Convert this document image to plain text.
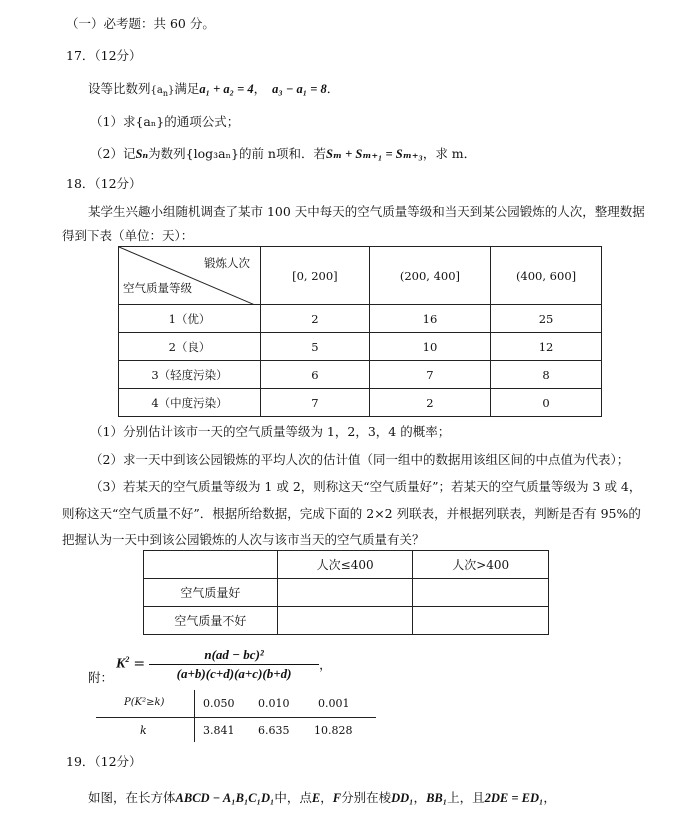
（一）必考题：共 60 分。
17．（12分）
设等比数列$\{a_n\}$满足a₁ + a₂ = 4， a₃ − a₁ = 8．
（1）求{aₙ}的通项公式；
（2）记Sₙ为数列{log₃aₙ}的前 n项和．若Sₘ + Sₘ₊₁ = Sₘ₊₃，求 m．
18．（12分）
某学生兴趣小组随机调查了某市 100 天中每天的空气质量等级和当天到某公园锻炼的人次，整理数据
得到下表（单位：天）：
锻炼人次
空气质量等级	[0, 200]	(200, 400]	(400, 600]
1（优）	2	16	25
2（良）	5	10	12
3（轻度污染）	6	7	8
4（中度污染）	7	2	0
（1）分别估计该市一天的空气质量等级为 1，2，3，4 的概率；
（2）求一天中到该公园锻炼的平均人次的估计值（同一组中的数据用该组区间的中点值为代表）；
（3）若某天的空气质量等级为 1 或 2，则称这天“空气质量好”；若某天的空气质量等级为 3 或 4，
则称这天“空气质量不好”．根据所给数据，完成下面的 2×2 列联表，并根据列联表，判断是否有 95%的
把握认为一天中到该公园锻炼的人次与该市当天的空气质量有关？
	人次≤400	人次>400
空气质量好		
空气质量不好		
附：
$K^2$ =
n(ad − bc)²
(a+b)(c+d)(a+c)(b+d)
，
P(K²≥k)	0.050 0.010	0.001
k	3.841 6.635 10.828
19．（12分）
如图，在长方体ABCD − A₁B₁C₁D₁中，点E，F分别在棱DD₁，BB₁上，且2DE = ED₁，
